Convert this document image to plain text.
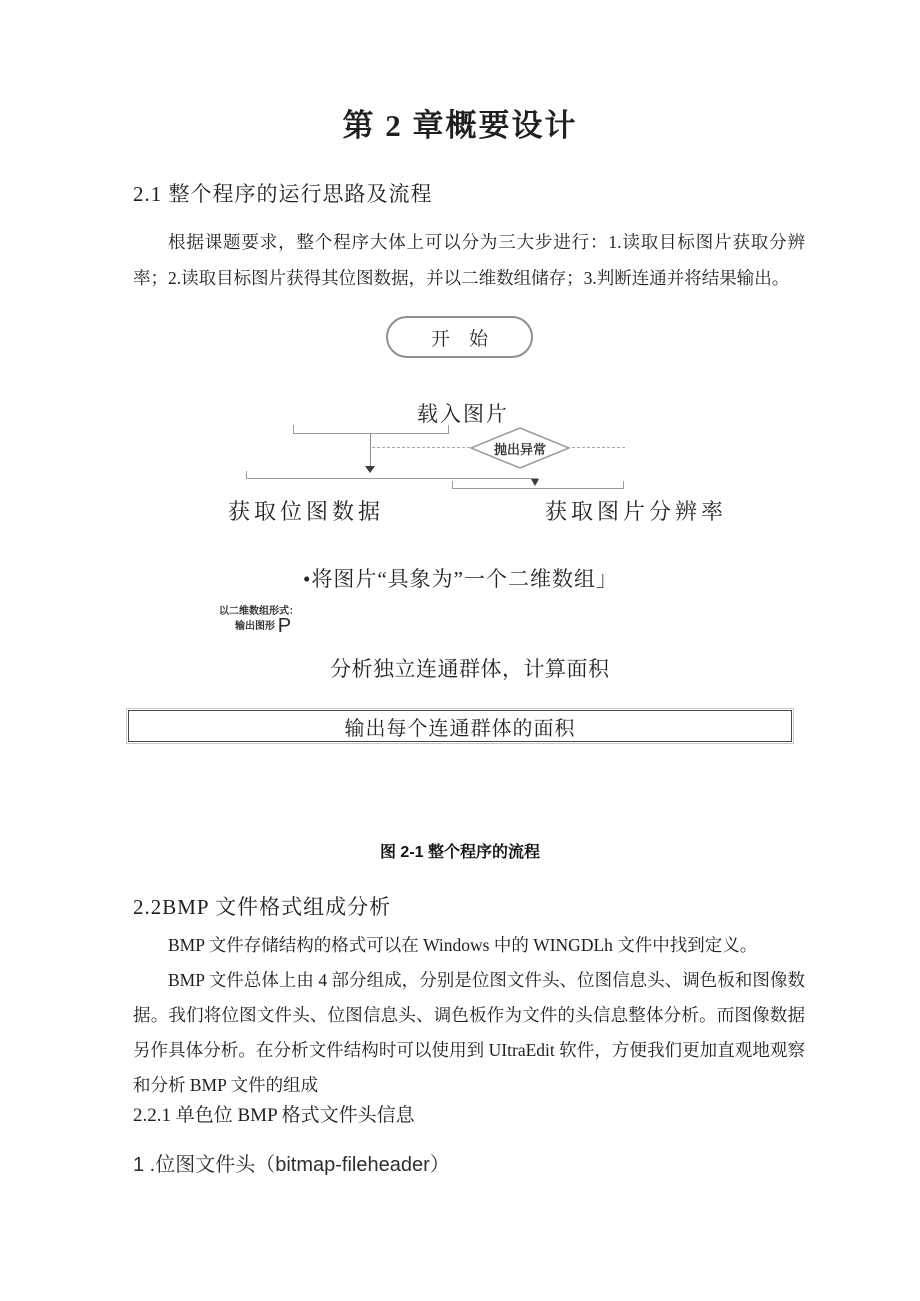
第 2 章概要设计
2.1 整个程序的运行思路及流程
根据课题要求，整个程序大体上可以分为三大步进行：1.读取目标图片获取分辨率；2.读取目标图片获得其位图数据，并以二维数组储存；3.判断连通并将结果输出。
开　始
载入图片
抛出异常
获取位图数据	获取图片分辨率
•将图片“具象为”一个二维数组」
以二维数组形式：
输出图形 P
分析独立连通群体，计算面积
输出每个连通群体的面积
图 2-1 整个程序的流程
2.2BMP 文件格式组成分析
BMP 文件存储结构的格式可以在 Windows 中的 WINGDLh 文件中找到定义。
BMP 文件总体上由 4 部分组成，分别是位图文件头、位图信息头、调色板和图像数据。我们将位图文件头、位图信息头、调色板作为文件的头信息整体分析。而图像数据另作具体分析。在分析文件结构时可以使用到 UItraEdit 软件，方便我们更加直观地观察和分析 BMP 文件的组成
2.2.1 单色位 BMP 格式文件头信息
1 .位图文件头（bitmap-fileheader）
